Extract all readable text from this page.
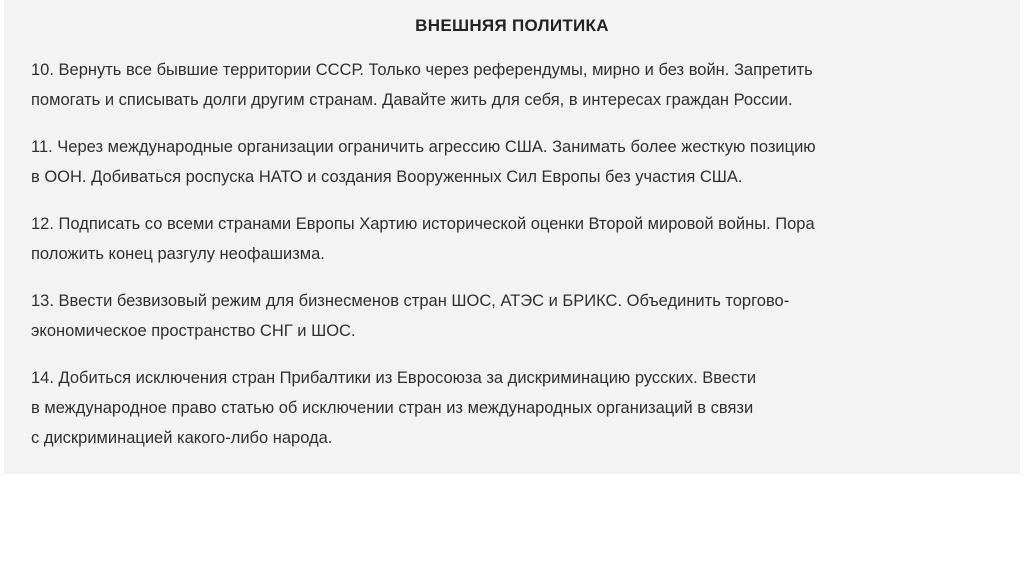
ВНЕШНЯЯ ПОЛИТИКА
10. Вернуть все бывшие территории СССР. Только через референдумы, мирно и без войн. Запретить
помогать и списывать долги другим странам. Давайте жить для себя, в интересах граждан России.
11. Через международные организации ограничить агрессию США. Занимать более жесткую позицию
в ООН. Добиваться роспуска НАТО и создания Вооруженных Сил Европы без участия США.
12. Подписать со всеми странами Европы Хартию исторической оценки Второй мировой войны. Пора
положить конец разгулу неофашизма.
13. Ввести безвизовый режим для бизнесменов стран ШОС, АТЭС и БРИКС. Объединить торгово-
экономическое пространство СНГ и ШОС.
14. Добиться исключения стран Прибалтики из Евросоюза за дискриминацию русских. Ввести
в международное право статью об исключении стран из международных организаций в связи
с дискриминацией какого-либо народа.
